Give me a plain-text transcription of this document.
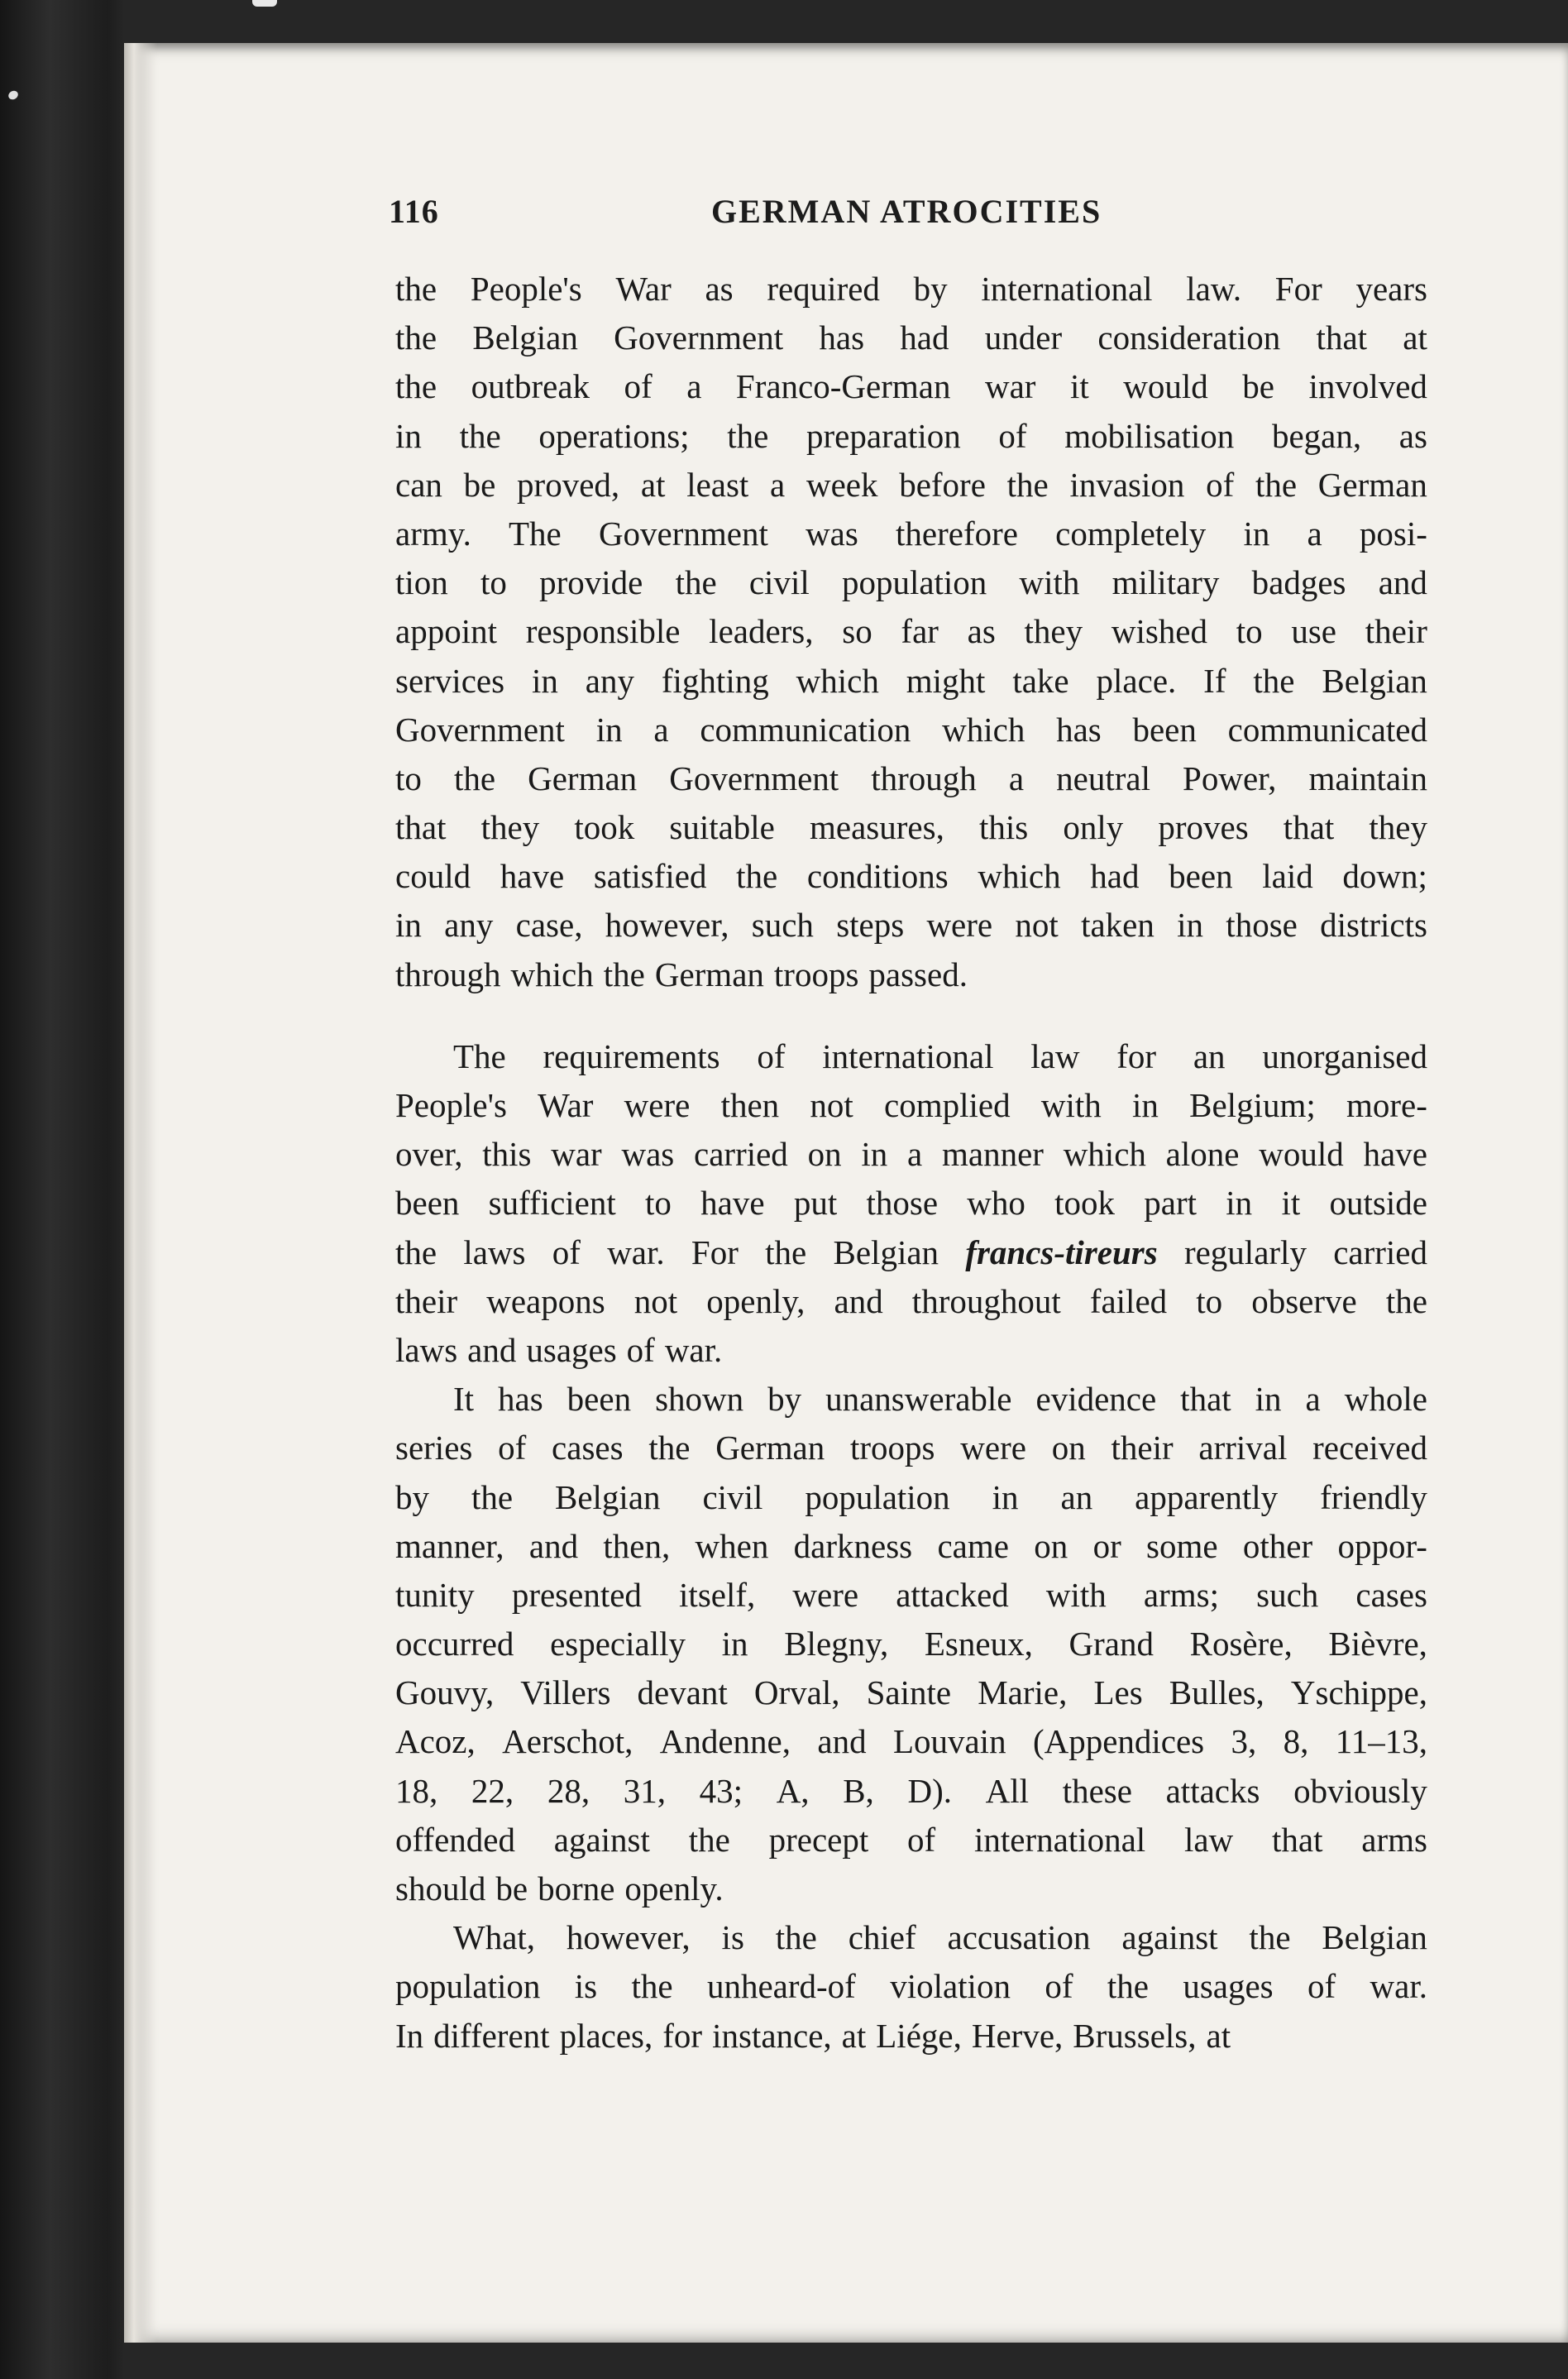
116	GERMAN ATROCITIES
the People's War as required by international law. For years
the Belgian Government has had under consideration that at
the outbreak of a Franco-German war it would be involved
in the operations; the preparation of mobilisation began, as
can be proved, at least a week before the invasion of the German
army. The Government was therefore completely in a posi-
tion to provide the civil population with military badges and
appoint responsible leaders, so far as they wished to use their
services in any fighting which might take place. If the Belgian
Government in a communication which has been communicated
to the German Government through a neutral Power, maintain
that they took suitable measures, this only proves that they
could have satisfied the conditions which had been laid down;
in any case, however, such steps were not taken in those districts
through which the German troops passed.
The requirements of international law for an unorganised
People's War were then not complied with in Belgium; more-
over, this war was carried on in a manner which alone would have
been sufficient to have put those who took part in it outside
the laws of war. For the Belgian francs-tireurs regularly carried
their weapons not openly, and throughout failed to observe the
laws and usages of war.
It has been shown by unanswerable evidence that in a whole
series of cases the German troops were on their arrival received
by the Belgian civil population in an apparently friendly
manner, and then, when darkness came on or some other oppor-
tunity presented itself, were attacked with arms; such cases
occurred especially in Blegny, Esneux, Grand Rosère, Bièvre,
Gouvy, Villers devant Orval, Sainte Marie, Les Bulles, Yschippe,
Acoz, Aerschot, Andenne, and Louvain (Appendices 3, 8, 11–13,
18, 22, 28, 31, 43; A, B, D). All these attacks obviously
offended against the precept of international law that arms
should be borne openly.
What, however, is the chief accusation against the Belgian
population is the unheard-of violation of the usages of war.
In different places, for instance, at Liége, Herve, Brussels, at
